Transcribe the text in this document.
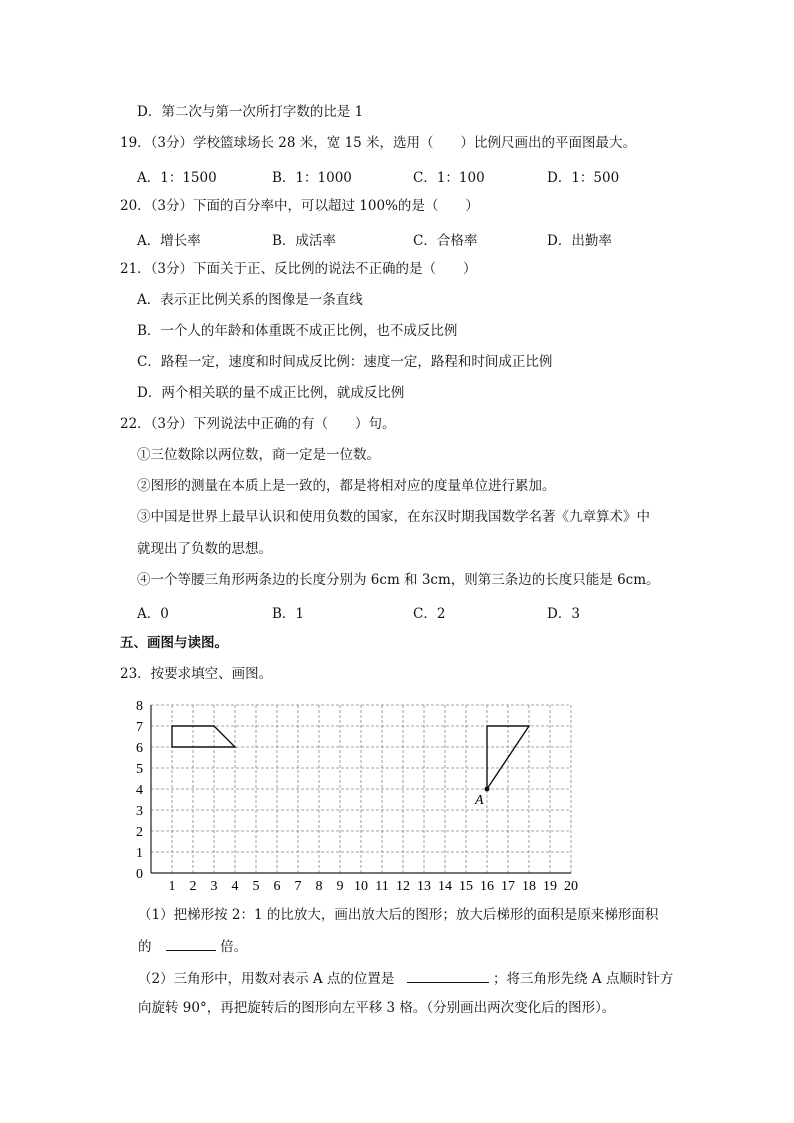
D．第二次与第一次所打字数的比是 1
19．（3分）学校篮球场长 28 米，宽 15 米，选用（　　）比例尺画出的平面图最大。
A．1：1500	B．1：1000	C．1：100	D．1：500
20．（3分）下面的百分率中，可以超过 100%的是（　　）
A．增长率	B．成活率	C．合格率	D．出勤率
21．（3分）下面关于正、反比例的说法不正确的是（　　）
A．表示正比例关系的图像是一条直线
B．一个人的年龄和体重既不成正比例，也不成反比例
C．路程一定，速度和时间成反比例：速度一定，路程和时间成正比例
D．两个相关联的量不成正比例，就成反比例
22．（3分）下列说法中正确的有（　　）句。
①三位数除以两位数，商一定是一位数。
②图形的测量在本质上是一致的，都是将相对应的度量单位进行累加。
③中国是世界上最早认识和使用负数的国家，在东汉时期我国数学名著《九章算术》中
就现出了负数的思想。
④一个等腰三角形两条边的长度分别为 6cm 和 3cm，则第三条边的长度只能是 6cm。
A．0	B．1	C．2	D．3
五、画图与读图。
23．按要求填空、画图。
1 2 3 4 5 6 7 8 9 10 11 12 13 14 15 16 17 18 19 20
0
1
2
3
4
5
6
7
8
A
（1）把梯形按 2：1 的比放大，画出放大后的图形；放大后梯形的面积是原来梯形面积
的	倍。
（2）三角形中，用数对表示 A 点的位置是	；将三角形先绕 A 点顺时针方
向旋转 90°，再把旋转后的图形向左平移 3 格。（分别画出两次变化后的图形）。
